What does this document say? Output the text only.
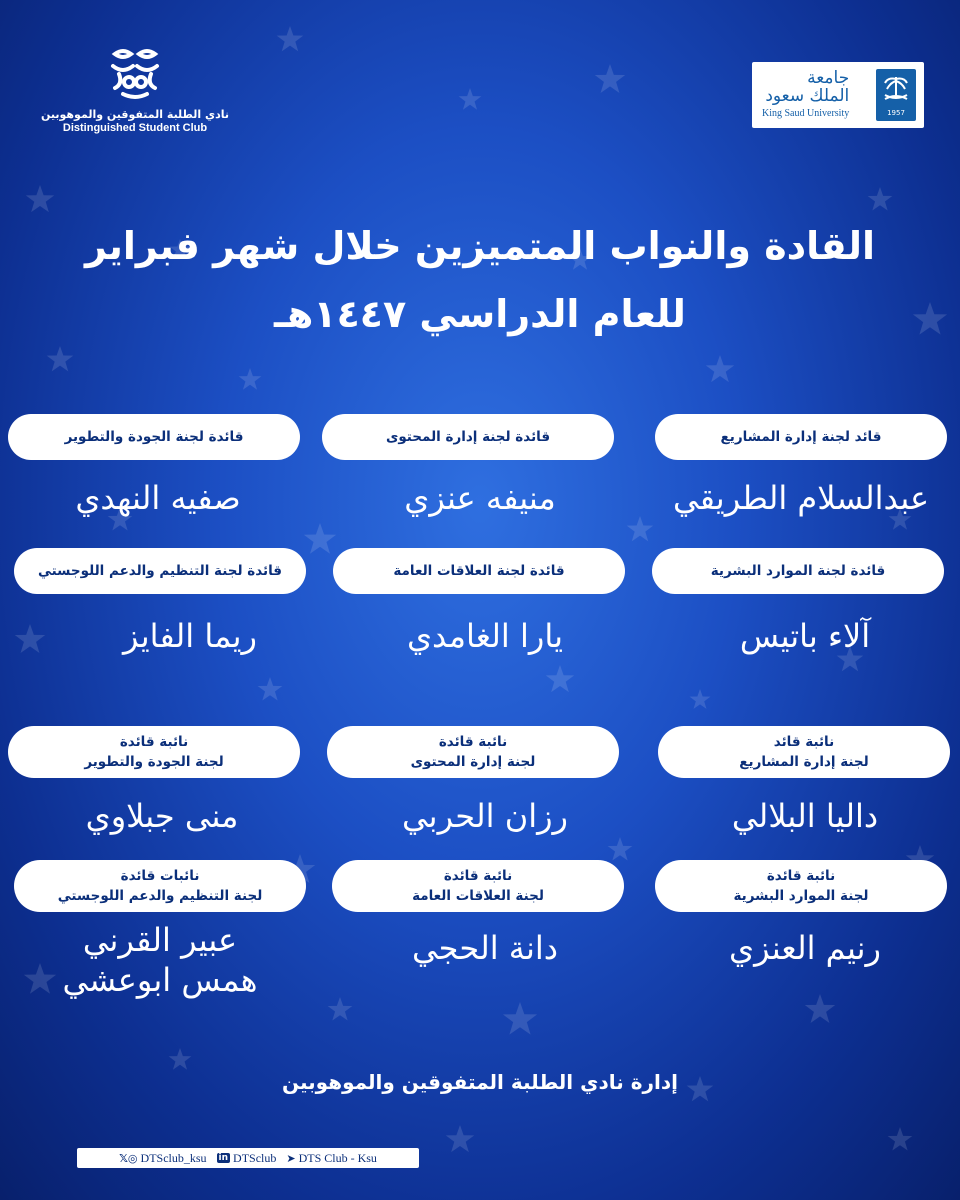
نادي الطلبة المتفوقين والموهوبين
Distinguished Student Club
جامعة
الملك سعود
King Saud University	1957
القادة والنواب المتميزين خلال شهر فبراير
للعام الدراسي ١٤٤٧هـ
قائد لجنة إدارة المشاريع
عبدالسلام الطريقي
قائدة لجنة إدارة المحتوى
منيفه عنزي
قائدة لجنة الجودة والتطوير
صفيه النهدي
قائدة لجنة الموارد البشرية
آلاء باتيس
قائدة لجنة العلاقات العامة
يارا الغامدي
قائدة لجنة التنظيم والدعم اللوجستي
ريما الفايز
نائبة قائد
لجنة إدارة المشاريع
داليا البلالي
نائبة قائدة
لجنة إدارة المحتوى
رزان الحربي
نائبة قائدة
لجنة الجودة والتطوير
منى جبلاوي
نائبة قائدة
لجنة الموارد البشرية
رنيم العنزي
نائبة قائدة
لجنة العلاقات العامة
دانة الحجي
نائبات قائدة
لجنة التنظيم والدعم اللوجستي
عبير القرني
همس ابوعشي
إدارة نادي الطلبة المتفوقين والموهوبين
𝕏◎ DTSclub_ksu in DTSclub ➤ DTS Club - Ksu
